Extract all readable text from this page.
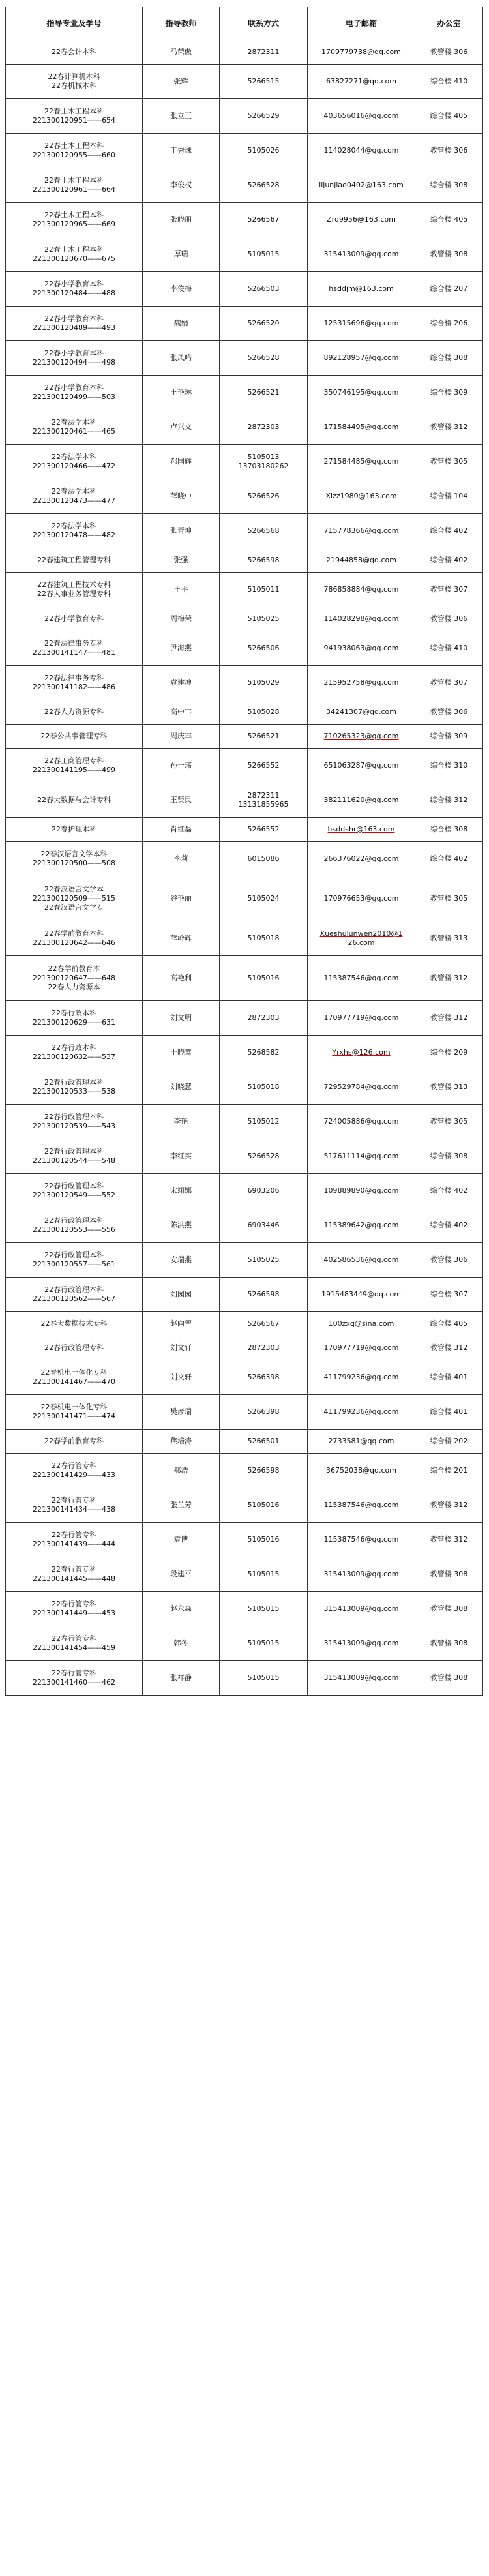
指导专业及学号	指导教师	联系方式	电子邮箱	办公室

22春会计本科	马荣傲	2872311	1709779738@qq.com	教管楼 306

22春计算机本科
22春机械本科	张辉	5266515	63827271@qq.com	综合楼 410

22春土木工程本科
221300120951——654	张立正	5266529	403656016@qq.com	综合楼 405

22春土木工程本科
221300120955——660	丁秀珠	5105026	114028044@qq.com	教管楼 306

22春土木工程本科
221300120961——664	李俊权	5266528	lijunjiao0402@163.com	综合楼 308

22春土木工程本科
221300120965——669	张晓朋	5266567	Zrq9956@163.com	综合楼 405

22春土木工程本科
221300120670——675	厚瑞	5105015	315413009@qq.com	教管楼 308

22春小学教育本科
221300120484——488	李俊梅	5266503	hsddjm@163.com	综合楼 207

22春小学教育本科
221300120489——493	魏娟	5266520	125315696@qq.com	综合楼 206

22春小学教育本科
221300120494——498	张凤鸣	5266528	892128957@qq.com	综合楼 308

22春小学教育本科
221300120499——503	王艳琳	5266521	350746195@qq.com	综合楼 309

22春法学本科
221300120461——465	卢兴文	2872303	171584495@qq.com	教管楼 312

22春法学本科
221300120466——472	郝国辉	5105013
13703180262	271584485@qq.com	教管楼 305

22春法学本科
221300120473——477	薛晓中	5266526	Xlzz1980@163.com	综合楼 104

22春法学本科
221300120478——482	张青坤	5266568	715778366@qq.com	综合楼 402

22春建筑工程管理专科	张强	5266598	21944858@qq.com	综合楼 402

22春建筑工程技术专科
22春人事业务管理专科	王平	5105011	786858884@qq.com	教管楼 307

22春小学教育专科	周梅荣	5105025	114028298@qq.com	教管楼 306

22春法律事务专科
221300141147——481	尹海燕	5266506	941938063@qq.com	综合楼 410

22春法律事务专科
221300141182——486	袁建坤	5105029	215952758@qq.com	教管楼 307

22春人力资源专科	高中丰	5105028	34241307@qq.com	教管楼 306

22春公共事管理专科	周庆丰	5266521	710265323@qq.com	综合楼 309

22春工商管理专科
221300141195——499	孙一玮	5266552	651063287@qq.com	综合楼 310

22春大数据与会计专科	王贤民	2872311
13131855965	382111620@qq.com	综合楼 312

22春护理本科	肖红磊	5266552	hsddshr@163.com	综合楼 308

22春汉语言文学本科
221300120500——508	李莉	6015086	266376022@qq.com	综合楼 402

22春汉语言文学本
221300120509——515
22春汉语言文学专	谷艳丽	5105024	170976653@qq.com	教管楼 305

22春学前教育本科
221300120642——646	薛岭辉	5105018	Xueshulunwen2010@1
26.com	教管楼 313

22春学前教育本
221300120647——648
22春人力资源本	高艳利	5105016	115387546@qq.com	教管楼 312

22春行政本科
221300120629——631	刘文明	2872303	170977719@qq.com	教管楼 312

22春行政本科
221300120632——537	于晓莺	5268582	Yrxhs@126.com	综合楼 209

22春行政管理本科
221300120533——538	刘晓慧	5105018	729529784@qq.com	教管楼 313

22春行政管理本科
221300120539——543	李艳	5105012	724005886@qq.com	教管楼 305

22春行政管理本科
221300120544——548	李红实	5266528	517611114@qq.com	综合楼 308

22春行政管理本科
221300120549——552	宋翊娜	6903206	109889890@qq.com	综合楼 402

22春行政管理本科
221300120553——556	陈洪燕	6903446	115389642@qq.com	综合楼 402

22春行政管理本科
221300120557——561	安瑞燕	5105025	402586536@qq.com	教管楼 306

22春行政管理本科
221300120562——567	刘园园	5266598	1915483449@qq.com	综合楼 307

22春大数据技术专科	赵向留	5266567	100zxq@sina.com	综合楼 405

22春行政管理专科	刘文轩	2872303	170977719@qq.com	教管楼 312

22春机电一体化专科
221300141467——470	刘文轩	5266398	411799236@qq.com	综合楼 401

22春机电一体化专科
221300141471——474	樊彦瑞	5266398	411799236@qq.com	综合楼 401

22春学前教育专科	焦培涛	5266501	2733581@qq.com	综合楼 202

22春行管专科
221300141429——433	郝浩	5266598	36752038@qq.com	综合楼 201

22春行管专科
221300141434——438	张兰芳	5105016	115387546@qq.com	教管楼 312

22春行管专科
221300141439——444	袁博	5105016	115387546@qq.com	教管楼 312

22春行管专科
221300141445——448	段建平	5105015	315413009@qq.com	教管楼 308

22春行管专科
221300141449——453	赵永淼	5105015	315413009@qq.com	教管楼 308

22春行管专科
221300141454——459	韩冬	5105015	315413009@qq.com	教管楼 308

22春行管专科
221300141460——462	张祥静	5105015	315413009@qq.com	教管楼 308
